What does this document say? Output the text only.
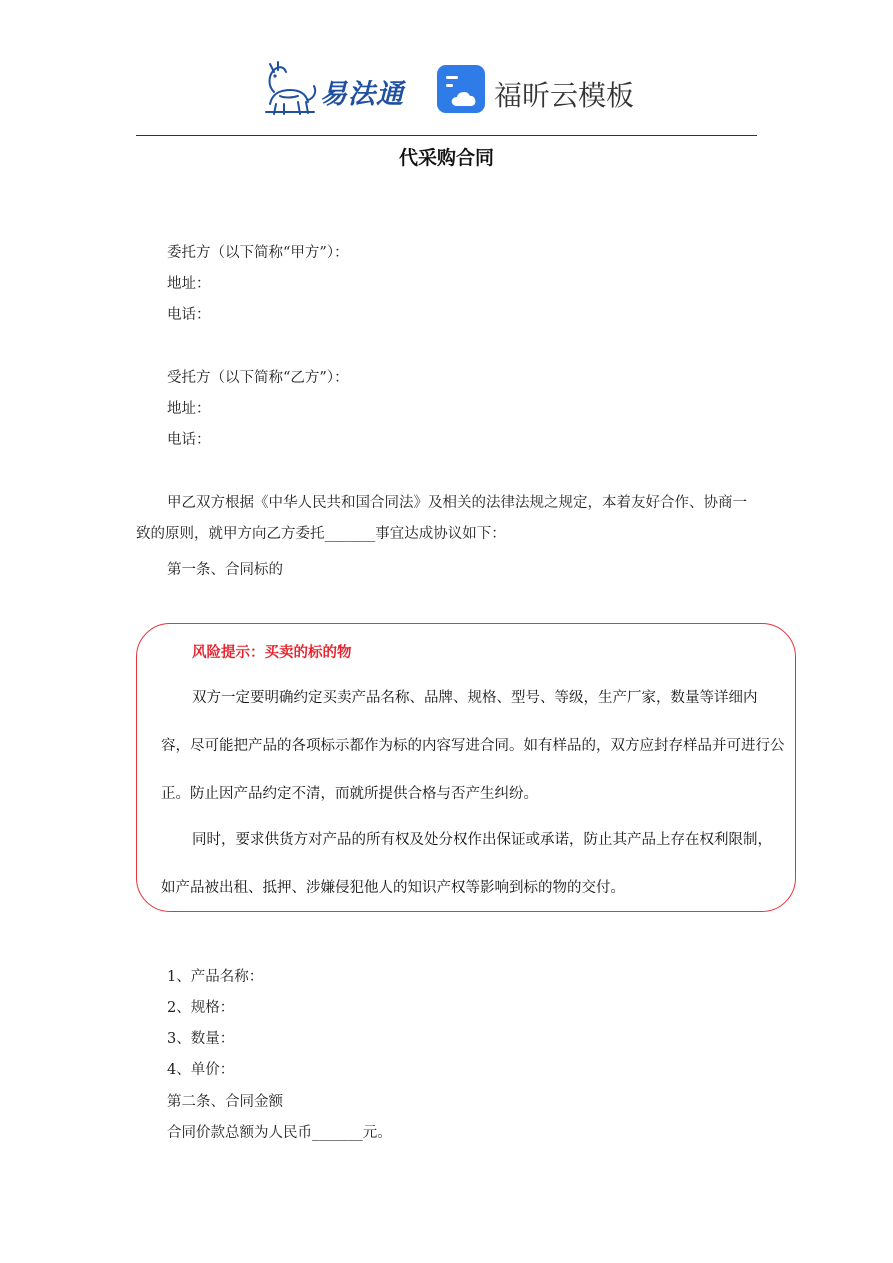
易法通	福昕云模板
代采购合同
委托方（以下简称“甲方”）：
地址：
电话：
受托方（以下简称“乙方”）：
地址：
电话：

甲乙双方根据《中华人民共和国合同法》及相关的法律法规之规定，本着友好合作、协商一致的原则，就甲方向乙方委托_______事宜达成协议如下：

第一条、合同标的
风险提示：买卖的标的物

双方一定要明确约定买卖产品名称、品牌、规格、型号、等级，生产厂家，数量等详细内容，尽可能把产品的各项标示都作为标的内容写进合同。如有样品的，双方应封存样品并可进行公正。防止因产品约定不清，而就所提供合格与否产生纠纷。

同时，要求供货方对产品的所有权及处分权作出保证或承诺，防止其产品上存在权利限制，如产品被出租、抵押、涉嫌侵犯他人的知识产权等影响到标的物的交付。

1、产品名称：
2、规格：
3、数量：
4、单价：
第二条、合同金额
合同价款总额为人民币_______元。
